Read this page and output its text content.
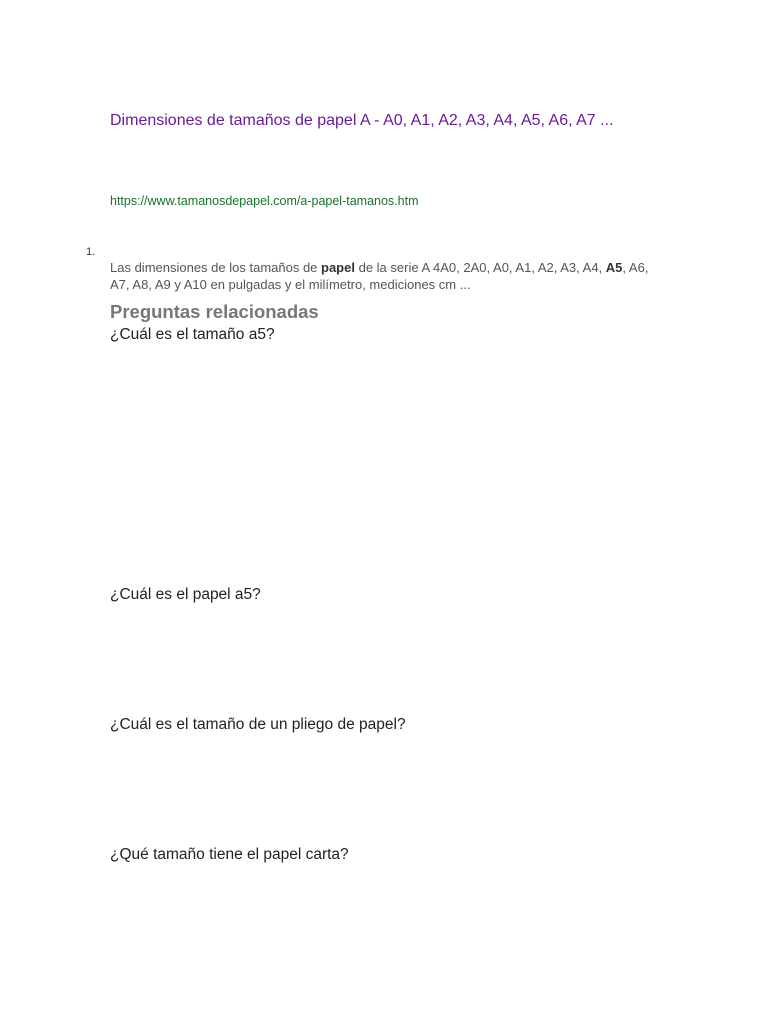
Dimensiones de tamaños de papel A - A0, A1, A2, A3, A4, A5, A6, A7 ...
https://www.tamanosdepapel.com/a-papel-tamanos.htm
1.
Las dimensiones de los tamaños de papel de la serie A 4A0, 2A0, A0, A1, A2, A3, A4, A5, A6, A7, A8, A9 y A10 en pulgadas y el milímetro, mediciones cm ...
Preguntas relacionadas
¿Cuál es el tamaño a5?
¿Cuál es el papel a5?
¿Cuál es el tamaño de un pliego de papel?
¿Qué tamaño tiene el papel carta?
